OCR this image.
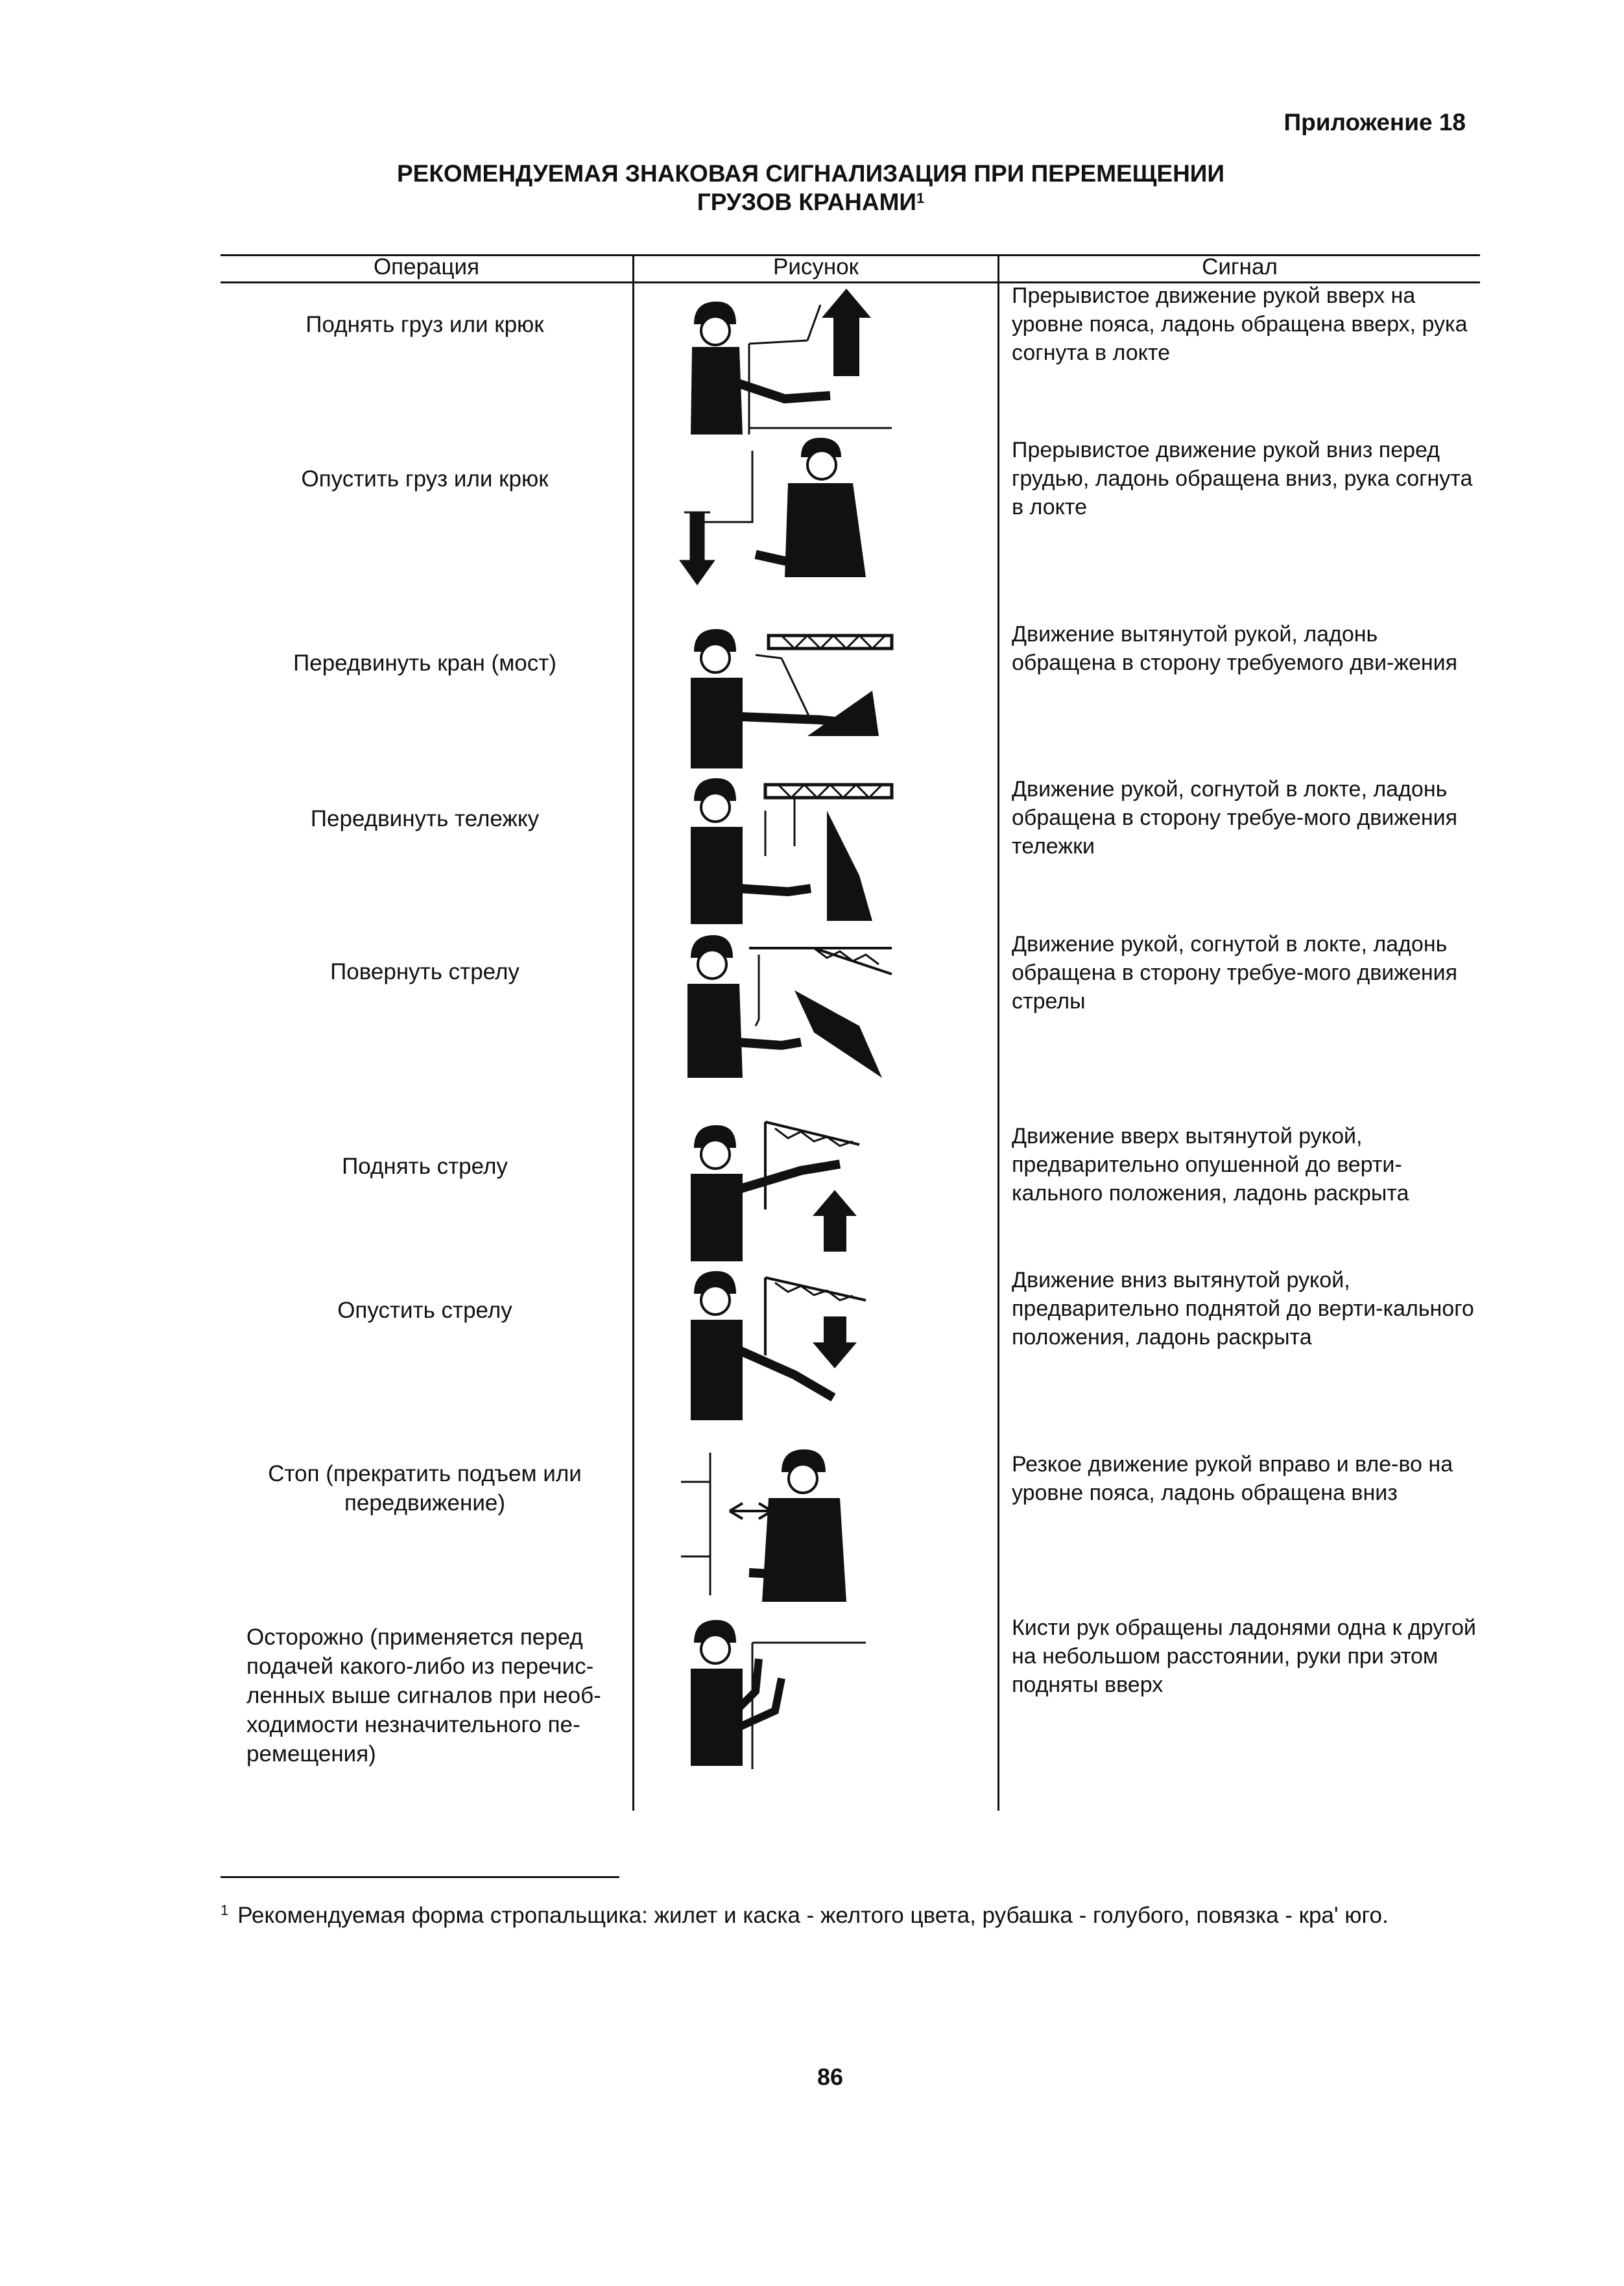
Приложение 18
РЕКОМЕНДУЕМАЯ ЗНАКОВАЯ СИГНАЛИЗАЦИЯ ПРИ ПЕРЕМЕЩЕНИИ
ГРУЗОВ КРАНАМИ$^1$
Операция	Рисунок	Сигнал
Поднять груз или крюк
Прерывистое движение рукой вверх на уровне пояса, ладонь обращена вверх, рука согнута в локте
Опустить груз или крюк
Прерывистое движение рукой вниз перед грудью, ладонь обращена вниз, рука согнута в локте
Передвинуть кран (мост)
Движение вытянутой рукой, ладонь обращена в сторону требуемого дви-жения
Передвинуть тележку
Движение рукой, согнутой в локте, ладонь обращена в сторону требуе-мого движения тележки
Повернуть стрелу
Движение рукой, согнутой в локте, ладонь обращена в сторону требуе-мого движения стрелы
Поднять стрелу
Движение вверх вытянутой рукой, предварительно опушенной до верти-кального положения, ладонь раскрыта
Опустить стрелу
Движение вниз вытянутой рукой, предварительно поднятой до верти-кального положения, ладонь раскрыта
Стоп (прекратить подъем или передвижение)
Резкое движение рукой вправо и вле-во на уровне пояса, ладонь обращена вниз
Осторожно (применяется перед подачей какого-либо из перечис-ленных выше сигналов при необ-ходимости незначительного пе-ремещения)
Кисти рук обращены ладонями одна к другой на небольшом расстоянии, руки при этом подняты вверх
$^1$ Рекомендуемая форма стропальщика: жилет и каска - желтого цвета, рубашка - голубого, повязка - кра' юго.
86
